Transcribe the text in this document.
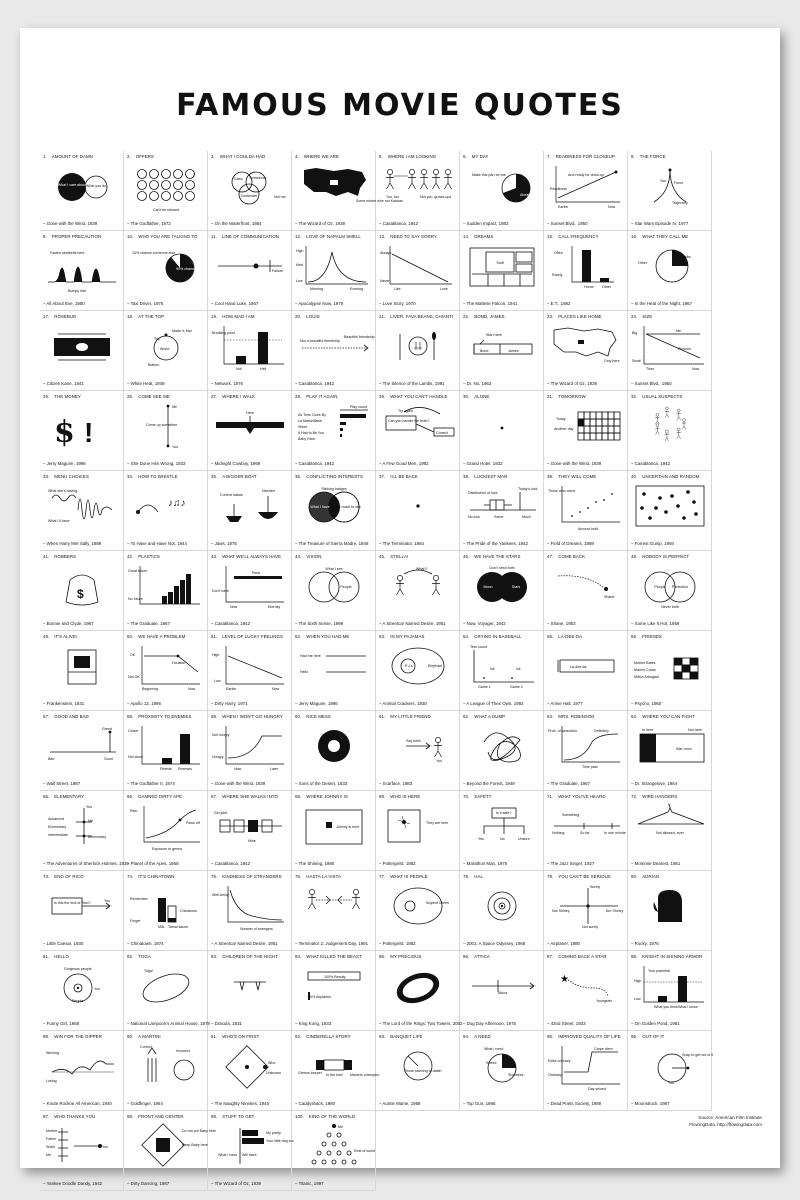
FAMOUS MOVIE QUOTES
1. AMOUNT OF DAMN
What I care about What you do
– Gone with the Wind, 1939
2. OFFERS
Can't be refused
– The Godfather, 1972
3. WHAT I COULDA HAD
Class Somebody
Contender	Not me
– On the Waterfront, 1954
4. WHERE WE ARE
Some where else not Kansas
– The Wizard of Oz, 1939
5. WHERE I AM LOOKING
You, kid	Not you, grown-ups
– Casablanca, 1942
6. MY DAY
Make this part for me
Already made
– Sudden Impact, 1983
7. READINESS FOR CLOSEUP
And ready for close-up
Readiness
Earlier	Now
– Sunset Blvd., 1950
8. THE FORCE
You Force
Trajectory
– Star Wars Episode IV, 1977
9. PROPER PRECAUTION
Fasten seatbelts here
Bumpy ride
– All About Eve, 1950
10. WHO YOU ARE TALKING TO
10% chance someone else
90% chance it's me
– Taxi Driver, 1976
11. LINE OF COMMUNICATION
Failure
– Cool Hand Luke, 1967
12. LOVE OF NAPALM SMELL
High
Med
Low
Morning	Evening
– Apocalypse Now, 1979
13. NEED TO SAY SORRY
Always
Never
Like	Love
– Love Story, 1970
14. DREAMS
Stuff
– The Maltese Falcon, 1941
15. CALL FREQUENCY
Often
Rarely
Home Other
– E.T., 1982
16. WHAT THEY CALL ME
Mr. Tibbs
Other
– In the Heat of the Night, 1967
17. ROSEBUD
– Citizen Kane, 1941
18. AT THE TOP
Made it, Ma!
Top
World
Bottom
– White Heat, 1949
19. HOW MAD I AM
Breaking point
Not	Hell
– Network, 1976
20. LOUIS
Not a beautiful friendship
Beautiful friendship
– Casablanca, 1942
21. LIVER, FAVA BEANS, CHIANTI
– The Silence of the Lambs, 1991
22. BOND, JAMES
Start here
Bond	James
– Dr. No, 1962
23. PLACES LIKE HOME
Only here
– The Wizard of Oz, 1939
24. SIZE
Big
Small
Me
Pictures
Then	Now
– Sunset Blvd., 1950
25. THE MONEY
$ !
– Jerry Maguire, 1996
26. COME SEE ME
Come up sometime
Me
You
– She Done Him Wrong, 1933
27. WHERE I WALK
Here
– Midnight Cowboy, 1969
28. PLAY IT AGAIN
Play count
As Time Goes By
La Marseillaise
Shine
It Had to Be You
Baby Face
– Casablanca, 1942
29. WHAT YOU CAN'T HANDLE
Try again
Can you handle the truth?
Correct
– A Few Good Men, 1992
30. ALONE
– Grand Hotel, 1932
31. TOMORROW
Today
Another day
– Gone with the Wind, 1939
32. USUAL SUSPECTS
– Casablanca, 1942
33. MENU CHOICES
What she's having
What I'll have
– When Harry Met Sally, 1989
34. HOW TO WHISTLE
♪♫♪
– To Have and Have Not, 1944
35. A BIGGER BOAT
Current status
Needed
– Jaws, 1975
36. CONFLICTING INTERESTS
Stinking badges
What I have What I want to see
– The Treasure of Sierra Madre, 1948
37. I'LL BE BACK
– The Terminator, 1984
38. LUCKIEST MAN
Distribution of luck
Today's luck
No luck	Some	Much
– The Pride of the Yankees, 1942
39. THEY WILL COME
Those who come
Amount built
– Field of Dreams, 1989
40. UNCERTAIN AND RANDOM
– Forrest Gump, 1994
41. ROBBERS
$
– Bonnie and Clyde, 1967
42. PLASTICS
Great future
No future
– The Graduate, 1967
43. WHAT WE'LL ALWAYS HAVE
Paris
Don't have
Now	Eternity
– Casablanca, 1942
44. VISION
What I see
Death	People
– The Sixth Sense, 1999
45. STELLA!
What?!
– A Streetcar Named Desire, 1951
46. WE HAVE THE STARS
Don't need both
Moon	Stars
– Now, Voyager, 1942
47. COME BACK
Shane
– Shane, 1953
48. NOBODY IS PERFECT
People Perfection
Never both
– Some Like It Hot, 1959
49. IT'S ALIVE!
– Frankenstein, 1931
50. WE HAVE A PROBLEM
OK
Not OK
Houston
Beginning	Now
– Apollo 13, 1995
51. LEVEL OF LUCKY FEELINGS
High
Low
Earlier	Now
– Dirty Harry, 1971
52. WHEN YOU HAD ME
Had me here
Hello
– Jerry Maguire, 1996
53. IN MY PAJAMAS
P.J.s	Elephant
– Animal Crackers, 1930
54. CRYING IN BASEBALL
Tear count
Game 1	Game 2
Ick	Ick
– A League of Their Own, 1992
55. LA-DEE-DA
La-dee-da
– Annie Hall, 1977
56. FRIENDS
Mother Bates
Marion Crane
Milton Arbogast
– Psycho, 1960
57. GOOD AND BAD
Greed
Bad	Good
– Wall Street, 1987
58. PROXIMITY TO ENEMIES
Closer
Not close
Friends Enemies
– The Godfather II, 1974
59. WHEN I WON'T GO HUNGRY
Not hungry
Hungry
Now	Later
– Gone with the Wind, 1939
60. NICE MESS
– Sons of the Desert, 1933
61. MY LITTLE FRIEND
Say hello
You
– Scarface, 1983
62. WHAT A DUMP
– Beyond the Forest, 1949
63. MRS. ROBINSON
Prob. of seduction	Definitely
Time past
– The Graduate, 1967
64. WHERE YOU CAN FIGHT
In here	Not here
War room
– Dr. Strangelove, 1964
65. ELEMENTARY
You
Advanced
Elementary
Intermediate
Me
Elementary
– The Adventures of Sherlock Holmes, 1939
66. DAMNED DIRTY APE
Risk
Paws off
Exposure to germs
– Planet of the Apes, 1968
67. WHERE SHE WALKS INTO
Gin joint
Mine
– Casablanca, 1942
68. WHERE JOHNNY IS
Johnny is here
– The Shining, 1980
69. WHO IS HERE
They are here
– Poltergeist, 1982
70. SAFETY
Is it safe?
Yes	No	Unsure
– Marathon Man, 1976
71. WHAT YOU'VE HEARD
Something
Nothing	So far	In one minute
– The Jazz Singer, 1927
72. WIRE HANGERS
Not allowed, ever
– Mommie Dearest, 1981
73. END OF RICO
Is this the end of Rico?	Yes
– Little Caesar, 1930
74. IT'S CHINATOWN
Remember
Milk Tamal sauce
Forget
Chinatown
– Chinatown, 1974
75. KINDNESS OF STRANGERS
Well-being
Number of strangers
– A Streetcar Named Desire, 1951
76. HASTA LA VISTA
– Terminator 2: Judgement Day, 1991
77. WHAT IS PEOPLE
Soylent Green
– Poltergeist, 1982
78. HAL
– 2001: A Space Odyssey, 1968
79. YOU CAN'T BE SERIOUS
Surely
Not Shirley	Am Shirley
Not surely
– Airplane!, 1980
80. ADRIAN
– Rocky, 1976
81. HELLO
Gorgeous people
You
People
– Funny Girl, 1968
82. TOGA
Toga!
– National Lampoon's Animal House, 1978
83. CHILDREN OF THE NIGHT
– Dracula, 1931
84. WHAT KILLED THE BEAST
100% Beauty
0% Airplanes
– King Kong, 1933
85. MY PRECIOUS
– The Lord of the Rings: Two Towers, 2002
86. ATTICA
Attica
– Dog Day Afternoon, 1975
87. COMING BACK A STAR
★
Youngster
– 42nd Street, 1933
88. KNIGHT IN SHINING ARMOR
Your potential
High
Low
What you think What I know
– On Golden Pond, 1981
89. WIN FOR THE GIPPER
Winning
Losing
– Knute Rockne All American, 1940
90. A MARTINI
Correct
Incorrect
– Goldfinger, 1964
91. WHO'S ON FIRST
Who
Unknown
– The Naughty Nineties, 1945
92. CINDERELLA STORY
Greens-keeper In the hoel Masters champion
– Caddyshack, 1980
93. BANQUET LIFE
Those starving to death
– Auntie Mame, 1958
94. A NEED
What I need
Speed
Slowness
– Top Gun, 1986
95. IMPROVED QUALITY OF LIFE
Carpe diem
Extra-ordinary
Ordinary
Day seized
– Dead Poets Society, 1989
96. OUT OF IT
Snap to get out of it
You
– Moonstruck, 1987
97. WHO THANKS YOU
Mother
Father
Sister
Me
You
– Yankee Doodle Dandy, 1942
98. FRONT AND CENTER
Do not put Baby here
Keep Baby here
– Dirty Dancing, 1987
99. STUFF TO GET
My pretty
Your little dog too
What I have Will have
– The Wizard of Oz, 1939
100. KING OF THE WORLD
Me
Rest of world
– Titanic, 1997
Source: American Film Institute
FlowingData, http://flowingdata.com
